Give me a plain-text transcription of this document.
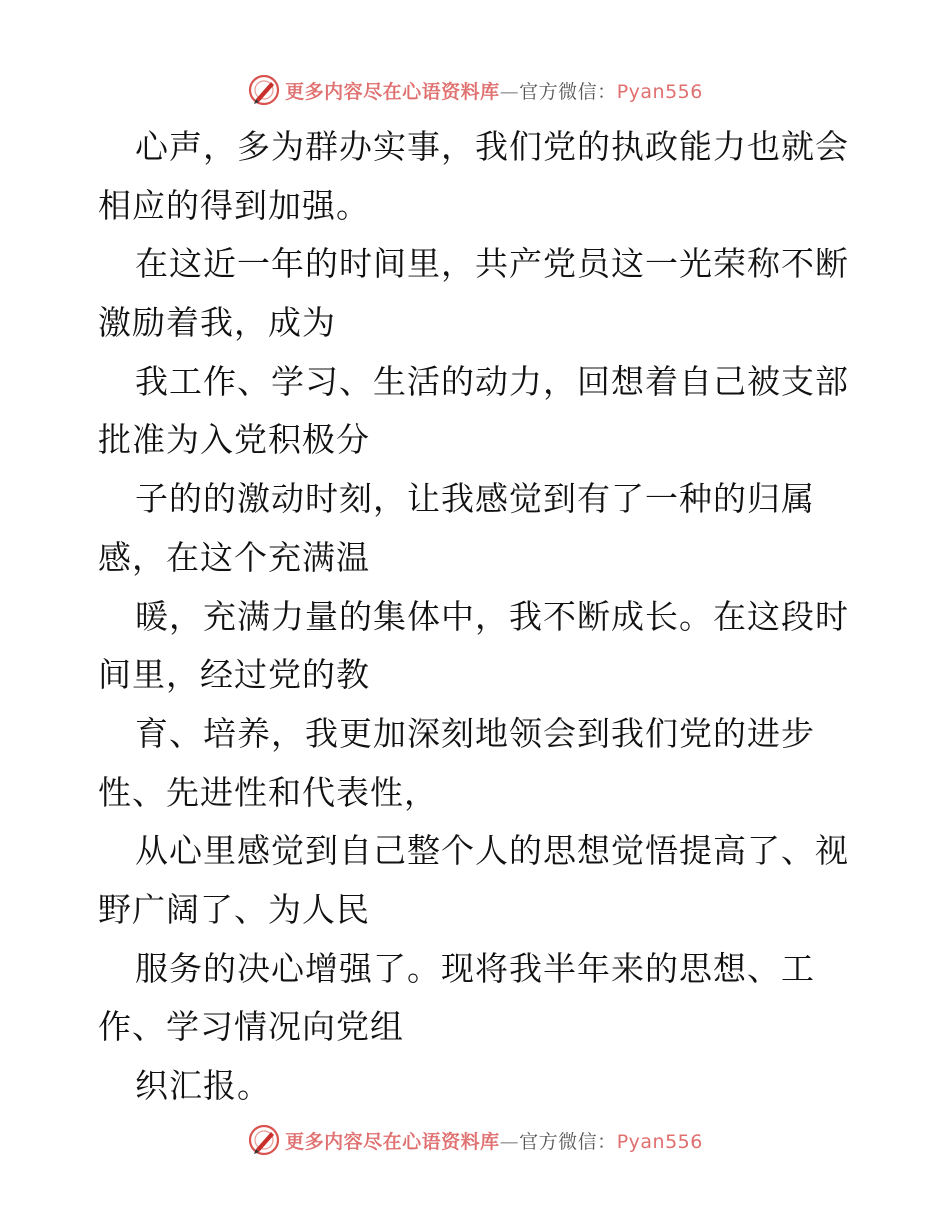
更多内容尽在心语资料库—官方微信：Pyan556
心声，多为群办实事，我们党的执政能力也就会
相应的得到加强。
在这近一年的时间里，共产党员这一光荣称不断
激励着我，成为
我工作、学习、生活的动力，回想着自己被支部
批准为入党积极分
子的的激动时刻，让我感觉到有了一种的归属
感，在这个充满温
暖，充满力量的集体中，我不断成长。在这段时
间里，经过党的教
育、培养，我更加深刻地领会到我们党的进步
性、先进性和代表性，
从心里感觉到自己整个人的思想觉悟提高了、视
野广阔了、为人民
服务的决心增强了。现将我半年来的思想、工
作、学习情况向党组
织汇报。
更多内容尽在心语资料库—官方微信：Pyan556
